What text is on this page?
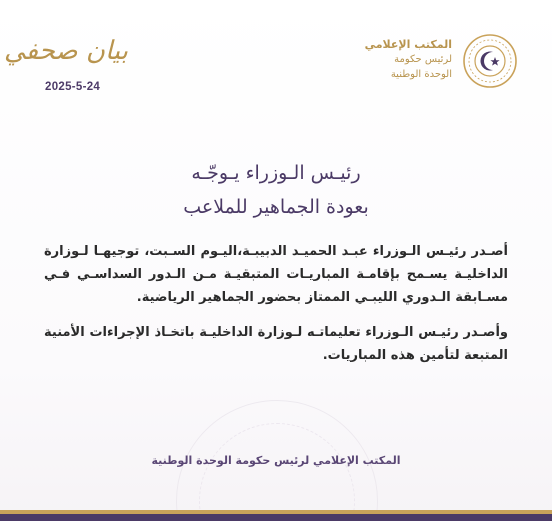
المكتب الإعلامي
لرئيس حكومة
الوحدة الوطنية
بيان صحفي
2025-5-24
رئيـس الـوزراء يـوجّـه
بعودة الجماهير للملاعب

أصـدر رئيـس الـوزراء عبـد الحميـد الدبيبـة،اليـوم السـبت، توجيهـا لـوزارة الداخليـة يسـمح بإقامـة المباريـات المتبقيـة مـن الـدور السداسـي فـي مسـابقة الـدوري الليبـي الممتاز بحضور الجماهير الرياضية.

وأصـدر رئيـس الـوزراء تعليماتـه لـوزارة الداخليـة باتخـاذ الإجراءات الأمنية المتبعة لتأمين هذه المباريات.

المكتب الإعلامي لرئيس حكومة الوحدة الوطنية
